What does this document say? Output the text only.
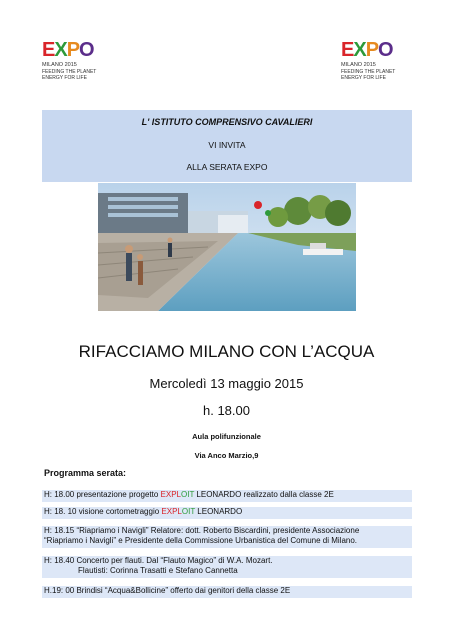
E X P O
MILANO 2015
FEEDING THE PLANET
ENERGY FOR LIFE
E X P O
MILANO 2015
FEEDING THE PLANET
ENERGY FOR LIFE
L' ISTITUTO COMPRENSIVO CAVALIERI
VI INVITA
ALLA SERATA EXPO
RIFACCIAMO MILANO CON L’ACQUA
Mercoledì 13 maggio 2015
h. 18.00
Aula polifunzionale
Via Anco Marzio,9
Programma serata:
H: 18.00 presentazione progetto EXPLOIT LEONARDO realizzato dalla classe 2E
H: 18. 10 visione cortometraggio EXPLOIT LEONARDO
H: 18.15 “Riapriamo i Navigli” Relatore: dott. Roberto Biscardini, presidente Associazione
“Riapriamo i Navigli” e Presidente della Commissione Urbanistica del Comune di Milano.
H: 18.40 Concerto per flauti. Dal “Flauto Magico” di W.A. Mozart.
Flautisti: Corinna Trasatti e Stefano Cannetta
H.19: 00 Brindisi “Acqua&Bollicine” offerto dai genitori della classe 2E
